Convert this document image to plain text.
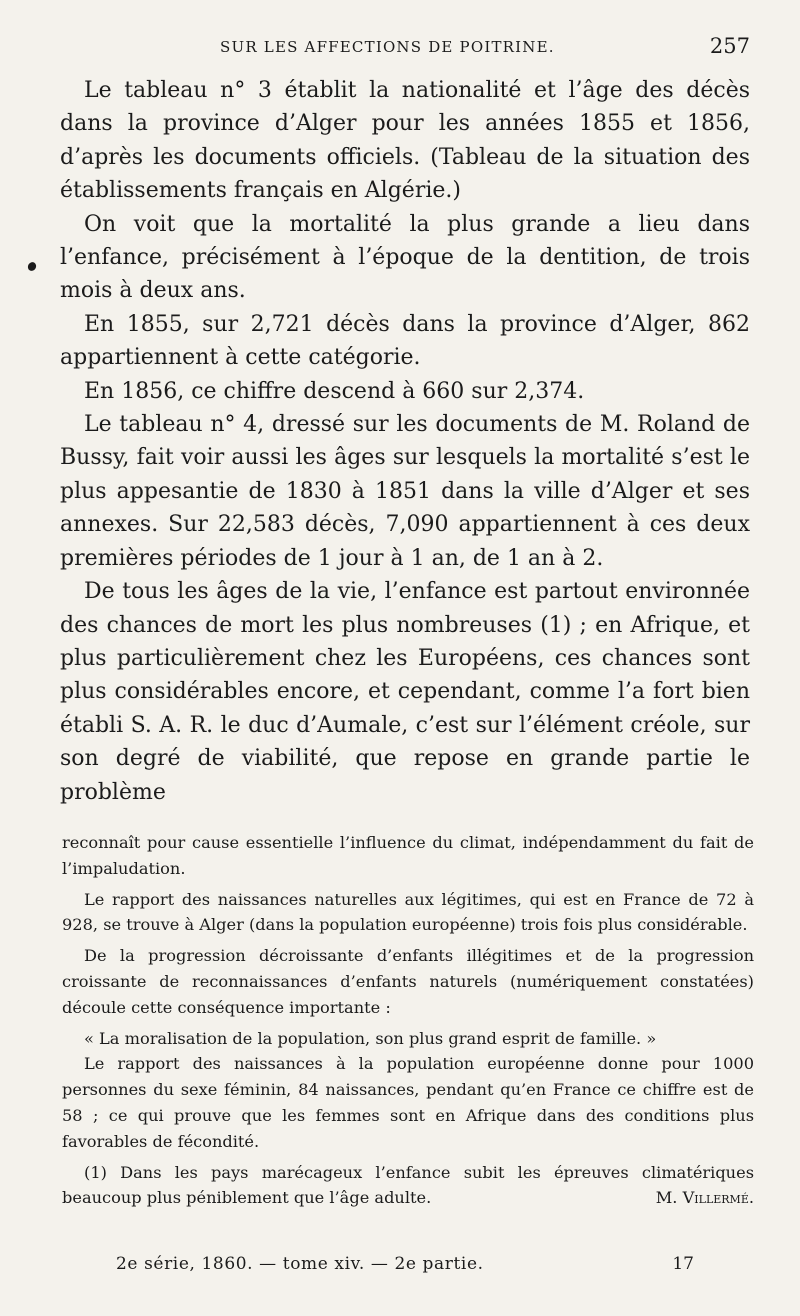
SUR LES AFFECTIONS DE POITRINE.	257

Le tableau n° 3 établit la nationalité et l’âge des décès dans la province d’Alger pour les années 1855 et 1856, d’après les documents officiels. (Tableau de la situation des établissements français en Algérie.)

On voit que la mortalité la plus grande a lieu dans l’enfance, précisément à l’époque de la dentition, de trois mois à deux ans.

En 1855, sur 2,721 décès dans la province d’Alger, 862 appartiennent à cette catégorie.

En 1856, ce chiffre descend à 660 sur 2,374.

Le tableau n° 4, dressé sur les documents de M. Roland de Bussy, fait voir aussi les âges sur lesquels la mortalité s’est le plus appesantie de 1830 à 1851 dans la ville d’Alger et ses annexes. Sur 22,583 décès, 7,090 appartiennent à ces deux premières périodes de 1 jour à 1 an, de 1 an à 2.

De tous les âges de la vie, l’enfance est partout environnée des chances de mort les plus nombreuses (1) ; en Afrique, et plus particulièrement chez les Européens, ces chances sont plus considérables encore, et cependant, comme l’a fort bien établi S. A. R. le duc d’Aumale, c’est sur l’élément créole, sur son degré de viabilité, que repose en grande partie le problème

reconnaît pour cause essentielle l’influence du climat, indépendamment du fait de l’impaludation.

Le rapport des naissances naturelles aux légitimes, qui est en France de 72 à 928, se trouve à Alger (dans la population européenne) trois fois plus considérable.

De la progression décroissante d’enfants illégitimes et de la progression croissante de reconnaissances d’enfants naturels (numériquement constatées) découle cette conséquence importante :

« La moralisation de la population, son plus grand esprit de famille. »

Le rapport des naissances à la population européenne donne pour 1000 personnes du sexe féminin, 84 naissances, pendant qu’en France ce chiffre est de 58 ; ce qui prouve que les femmes sont en Afrique dans des conditions plus favorables de fécondité.

(1) Dans les pays marécageux l’enfance subit les épreuves climatériques beaucoup plus péniblement que l’âge adulte.	M. Villermé.

2e série, 1860. — tome xiv. — 2e partie.	17
